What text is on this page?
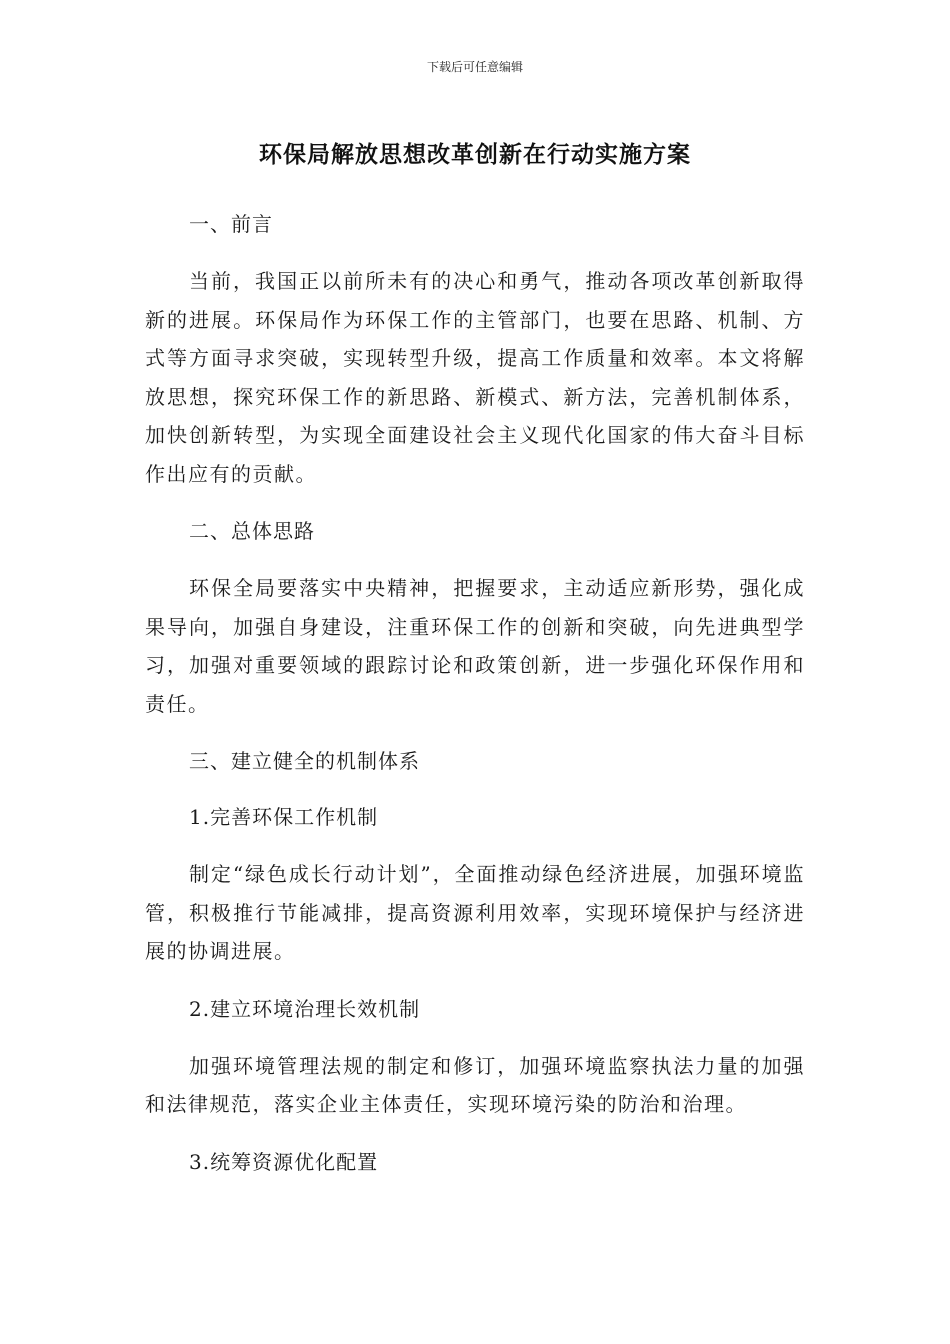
下载后可任意编辑
环保局解放思想改革创新在行动实施方案
一、前言
当前，我国正以前所未有的决心和勇气，推动各项改革创新取得新的进展。环保局作为环保工作的主管部门，也要在思路、机制、方式等方面寻求突破，实现转型升级，提高工作质量和效率。本文将解放思想，探究环保工作的新思路、新模式、新方法，完善机制体系，加快创新转型，为实现全面建设社会主义现代化国家的伟大奋斗目标作出应有的贡献。
二、总体思路
环保全局要落实中央精神，把握要求，主动适应新形势，强化成果导向，加强自身建设，注重环保工作的创新和突破，向先进典型学习，加强对重要领域的跟踪讨论和政策创新，进一步强化环保作用和责任。
三、建立健全的机制体系
1.完善环保工作机制
制定“绿色成长行动计划”，全面推动绿色经济进展，加强环境监管，积极推行节能减排，提高资源利用效率，实现环境保护与经济进展的协调进展。
2.建立环境治理长效机制
加强环境管理法规的制定和修订，加强环境监察执法力量的加强和法律规范，落实企业主体责任，实现环境污染的防治和治理。
3.统筹资源优化配置
